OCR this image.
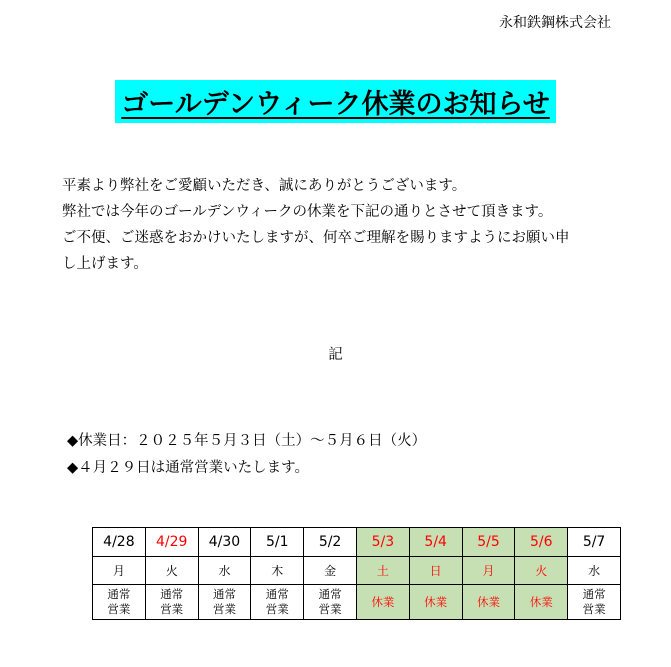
永和鉄鋼株式会社
ゴールデンウィーク休業のお知らせ

平素より弊社をご愛顧いただき、誠にありがとうございます。

弊社では今年のゴールデンウィークの休業を下記の通りとさせて頂きます。

ご不便、ご迷惑をおかけいたしますが、何卒ご理解を賜りますようにお願い申し上げます。

記

◆休業日：２０２５年５月３日（土）～５月６日（火）

◆４月２９日は通常営業いたします。

4/28	4/29	4/30	5/1	5/2	5/3	5/4	5/5	5/6	5/7
月	火	水	木	金	土	日	月	火	水

通常営業	通常営業	通常営業	通常営業	通常営業	休業	休業	休業	休業	通常営業
